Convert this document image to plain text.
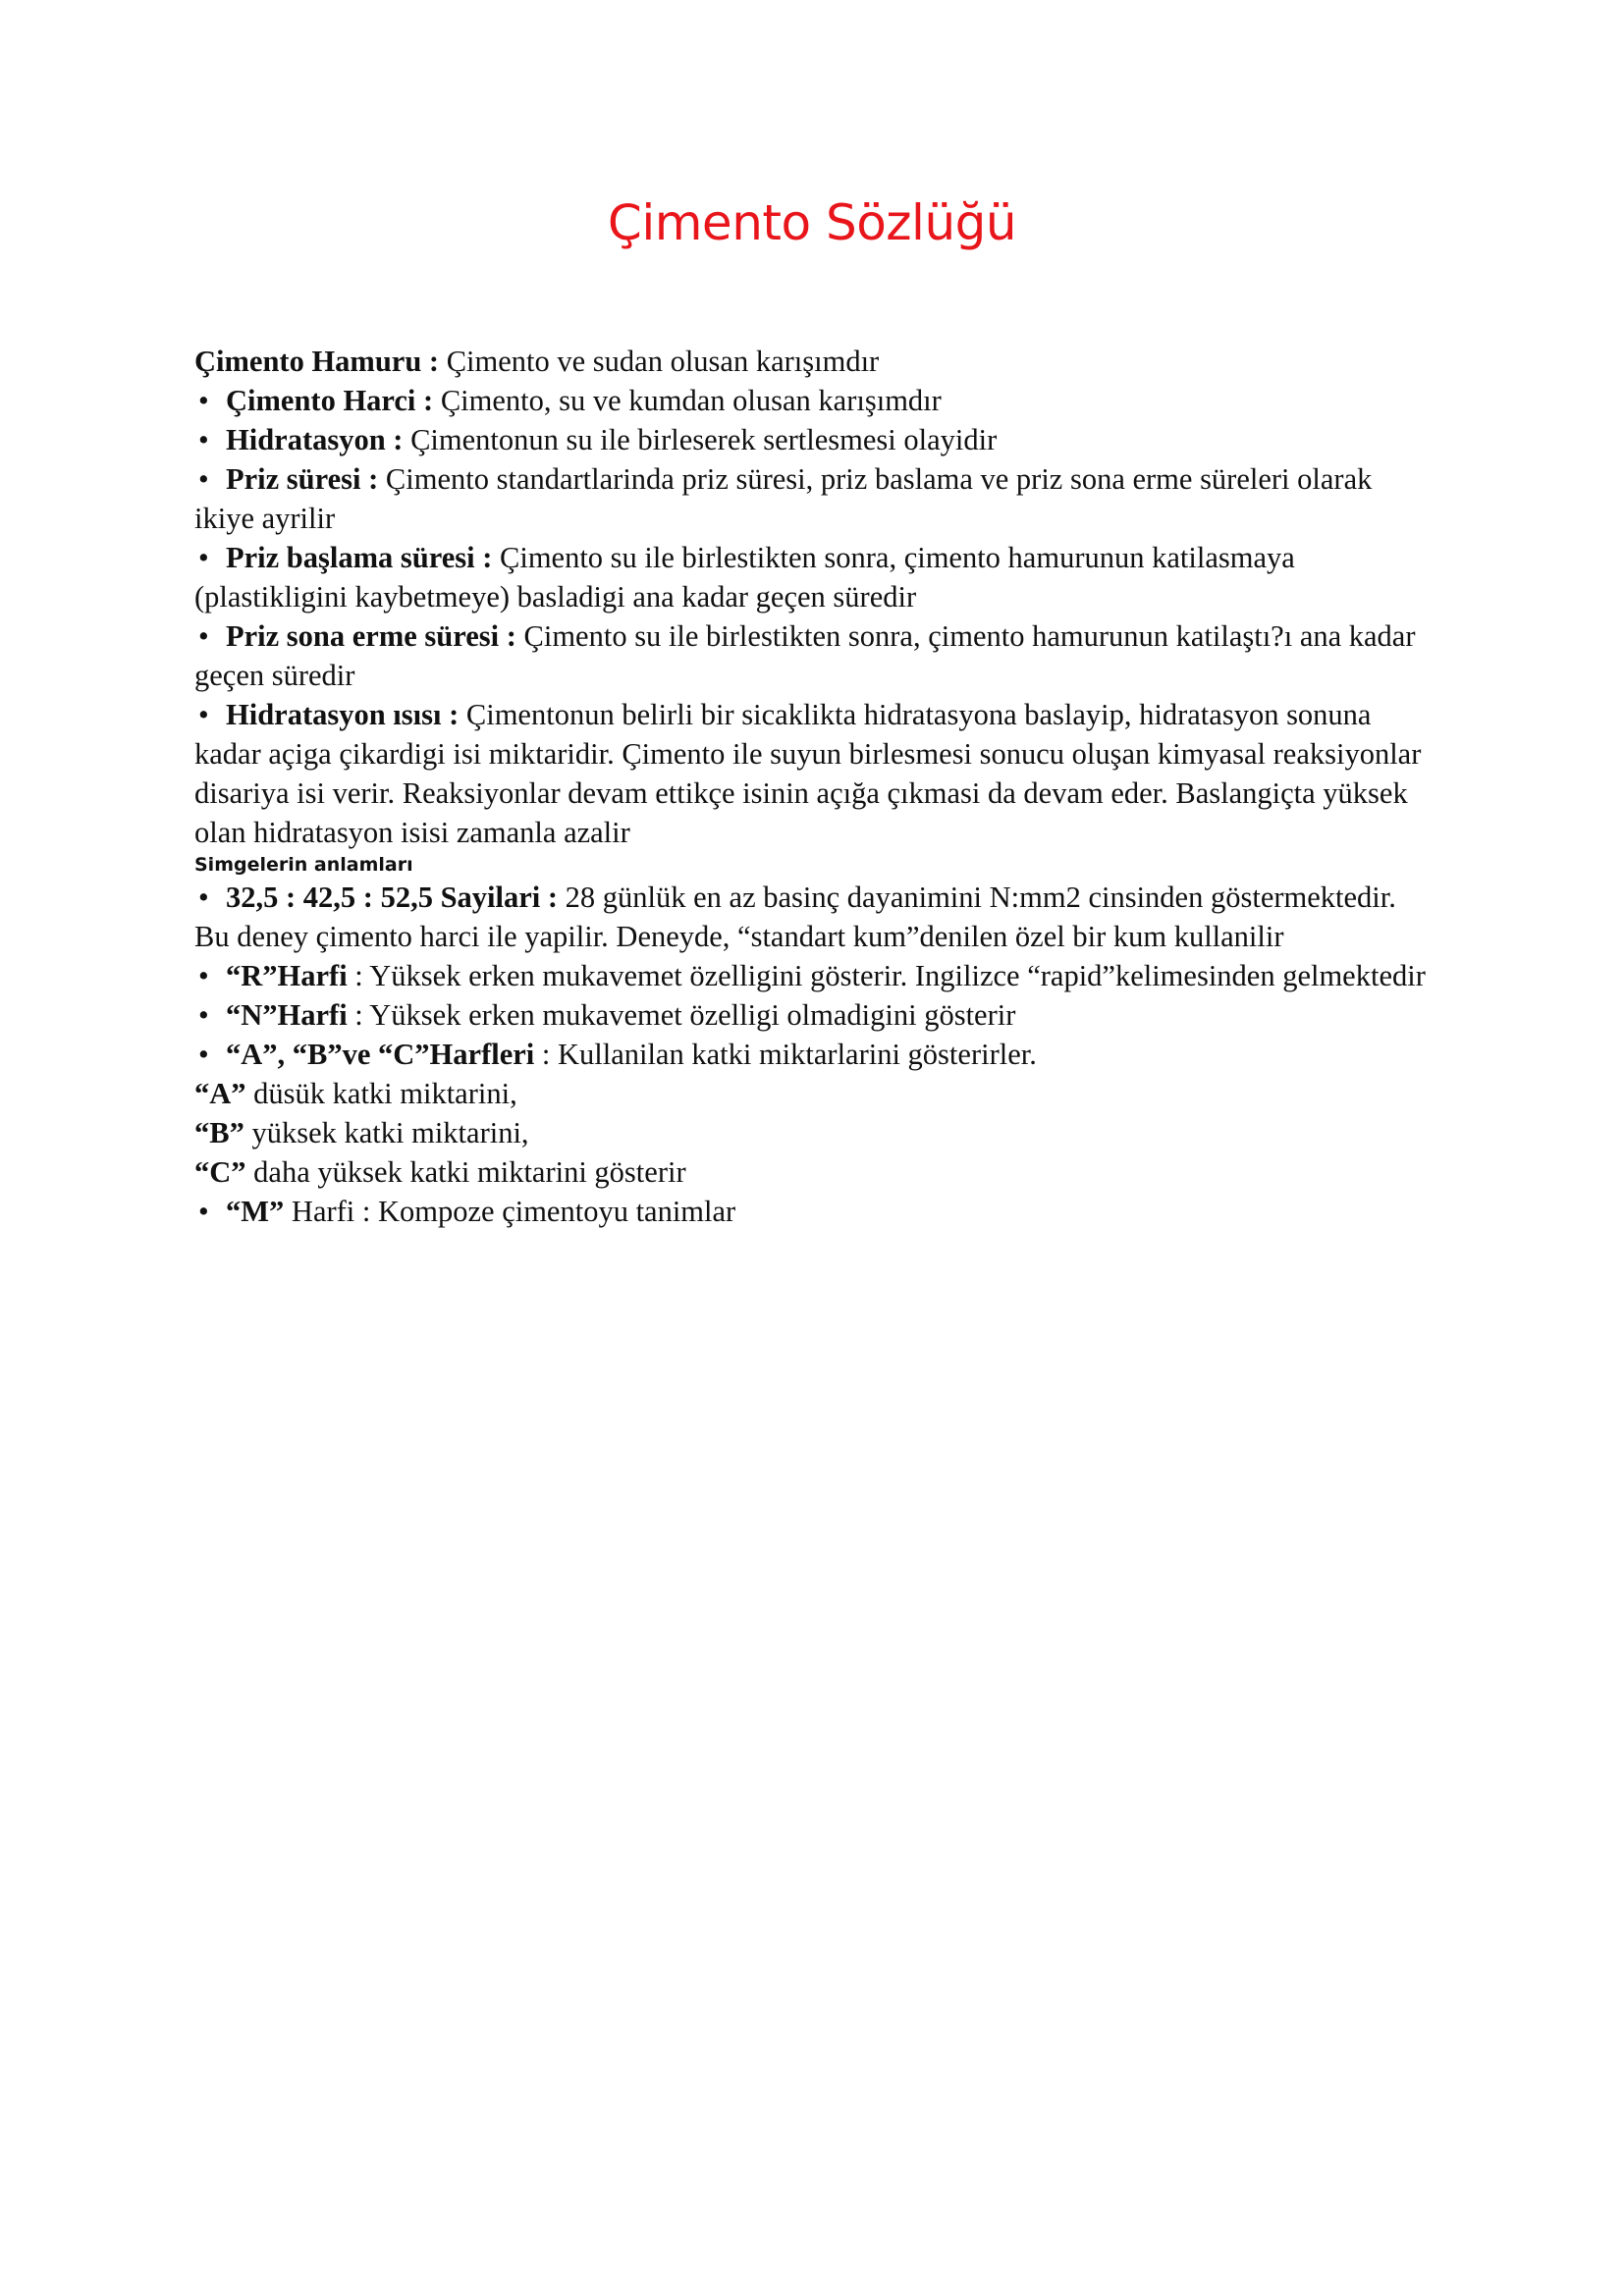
Çimento Sözlüğü

Çimento Hamuru : Çimento ve sudan olusan karışımdır

• Çimento Harci : Çimento, su ve kumdan olusan karışımdır

• Hidratasyon : Çimentonun su ile birleserek sertlesmesi olayidir

• Priz süresi : Çimento standartlarinda priz süresi, priz baslama ve priz sona erme süreleri olarak ikiye ayrilir

• Priz başlama süresi : Çimento su ile birlestikten sonra, çimento hamurunun katilasmaya (plastikligini kaybetmeye) basladigi ana kadar geçen süredir

• Priz sona erme süresi : Çimento su ile birlestikten sonra, çimento hamurunun katilaştı?ı ana kadar geçen süredir

• Hidratasyon ısısı : Çimentonun belirli bir sicaklikta hidratasyona baslayip, hidratasyon sonuna kadar açiga çikardigi isi miktaridir. Çimento ile suyun birlesmesi sonucu oluşan kimyasal reaksiyonlar disariya isi verir. Reaksiyonlar devam ettikçe isinin açığa çıkmasi da devam eder. Baslangiçta yüksek olan hidratasyon isisi zamanla azalir

Simgelerin anlamları

• 32,5 : 42,5 : 52,5 Sayilari : 28 günlük en az basinç dayanimini N:mm2 cinsinden göstermektedir. Bu deney çimento harci ile yapilir. Deneyde, “standart kum”denilen özel bir kum kullanilir

• “R”Harfi : Yüksek erken mukavemet özelligini gösterir. Ingilizce “rapid”kelimesinden gelmektedir

• “N”Harfi : Yüksek erken mukavemet özelligi olmadigini gösterir

• “A”, “B”ve “C”Harfleri : Kullanilan katki miktarlarini gösterirler.

“A” düsük katki miktarini,

“B” yüksek katki miktarini,

“C” daha yüksek katki miktarini gösterir

• “M” Harfi : Kompoze çimentoyu tanimlar
